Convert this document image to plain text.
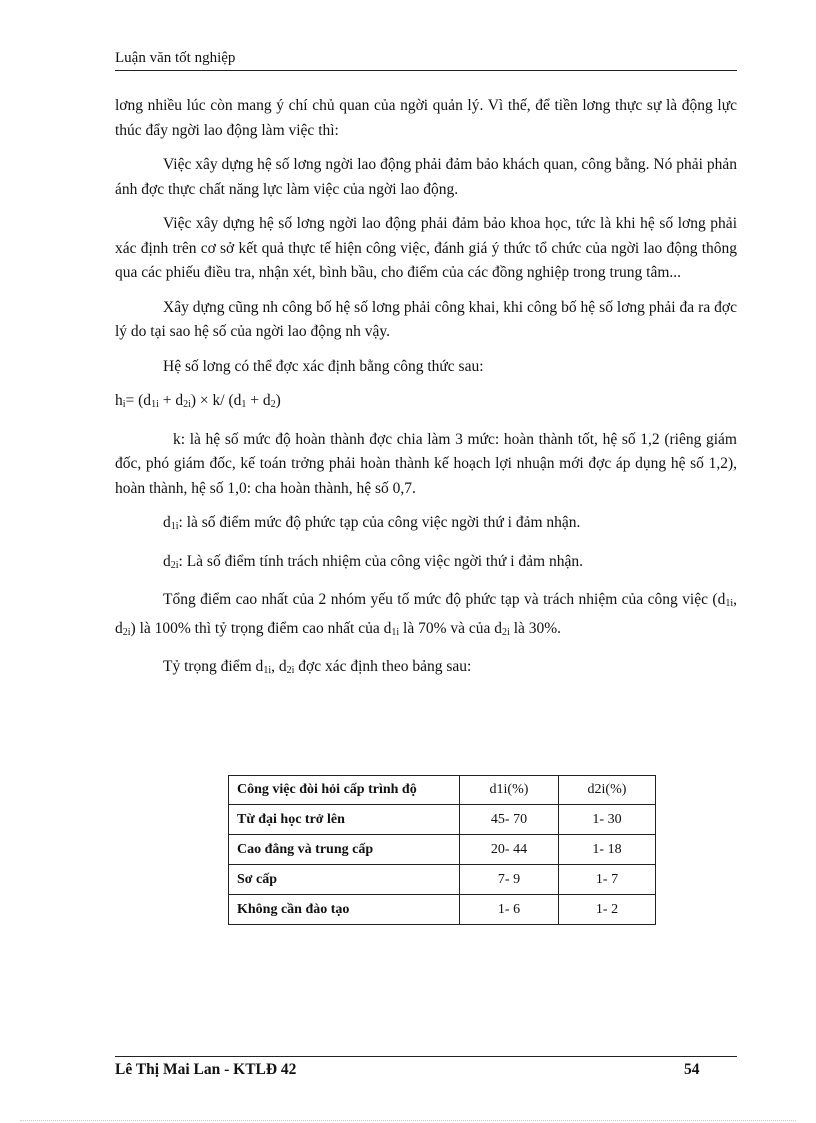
Luận văn tốt nghiệp

lơng nhiều lúc còn mang ý chí chủ quan của ngời quản lý. Vì thế, để tiền lơng thực sự là động lực thúc đẩy ngời lao động làm việc thì:

Việc xây dựng hệ số lơng ngời lao động phải đảm bảo khách quan, công bằng. Nó phải phản ánh đợc thực chất năng lực làm việc của ngời lao động.

Việc xây dựng hệ số lơng ngời lao động phải đảm bảo khoa học, tức là khi hệ số lơng phải xác định trên cơ sở kết quả thực tế hiện công việc, đánh giá ý thức tổ chức của ngời lao động thông qua các phiếu điều tra, nhận xét, bình bầu, cho điểm của các đồng nghiệp trong trung tâm...

Xây dựng cũng nh công bố hệ số lơng phải công khai, khi công bố hệ số lơng phải đa ra đợc lý do tại sao hệ số của ngời lao động nh vậy.

Hệ số lơng có thể đợc xác định bằng công thức sau:

$h_i= (d_{1i} + d_{2i}) \times k/$ $(d_1 + d_2)$

k: là hệ số mức độ hoàn thành đợc chia làm 3 mức: hoàn thành tốt, hệ số 1,2 (riêng giám đốc, phó giám đốc, kế toán trởng phải hoàn thành kế hoạch lợi nhuận mới đợc áp dụng hệ số 1,2), hoàn thành, hệ số 1,0: cha hoàn thành, hệ số 0,7.

$d_{1i}$: là số điểm mức độ phức tạp của công việc ngời thứ i đảm nhận.

$d_{2i}$: Là số điểm tính trách nhiệm của công việc ngời thứ i đảm nhận.

Tổng điểm cao nhất của 2 nhóm yếu tố mức độ phức tạp và trách nhiệm của công việc ($d_{1i}$, $d_{2i}$) là 100% thì tỷ trọng điểm cao nhất của $d_{1i}$ là 70% và của $d_{2i}$ là 30%.

Tỷ trọng điểm $d_{1i}$, $d_{2i}$ đợc xác định theo bảng sau:

Công việc đòi hỏi cấp trình độ	d1i(%)	d2i(%)
Từ đại học trở lên	45- 70	1- 30
Cao đẳng và trung cấp	20- 44	1- 18
Sơ cấp	7- 9	1- 7
Không cần đào tạo	1- 6	1- 2
Lê Thị Mai Lan - KTLĐ 42	54
